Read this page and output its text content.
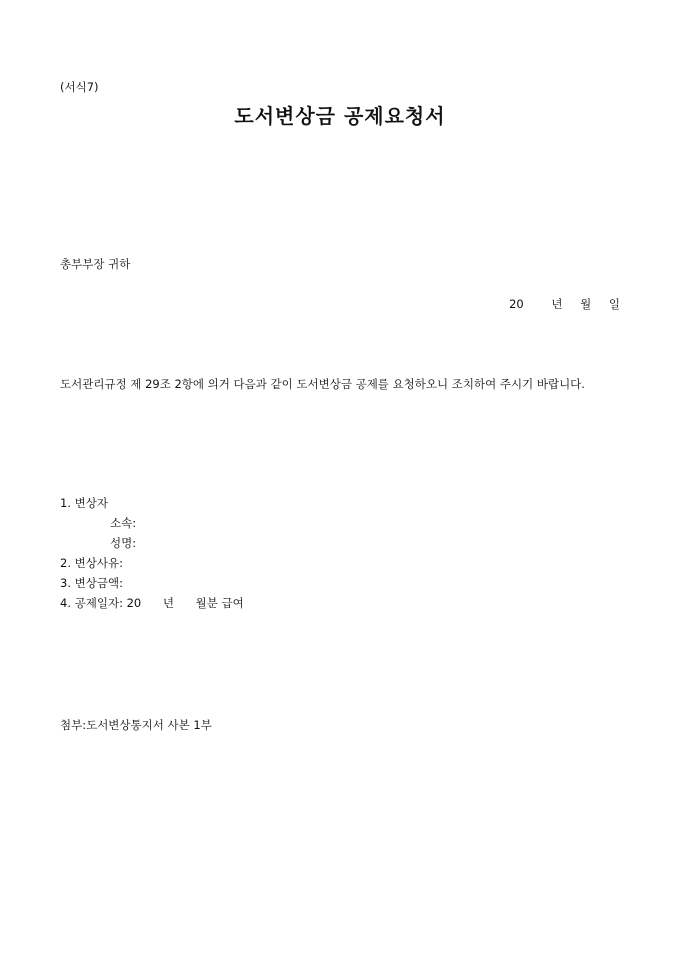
(서식7)
도서변상금 공제요청서
총부부장 귀하
20 년 월 일
도서관리규정 제 29조 2항에 의거 다음과 같이 도서변상금 공제를 요청하오니 조치하여 주시기 바랍니다.
1. 변상자
소속:
성명:
2. 변상사유:
3. 변상금액:
4. 공제일자: 20 년 월분 급여
첨부:도서변상통지서 사본 1부
